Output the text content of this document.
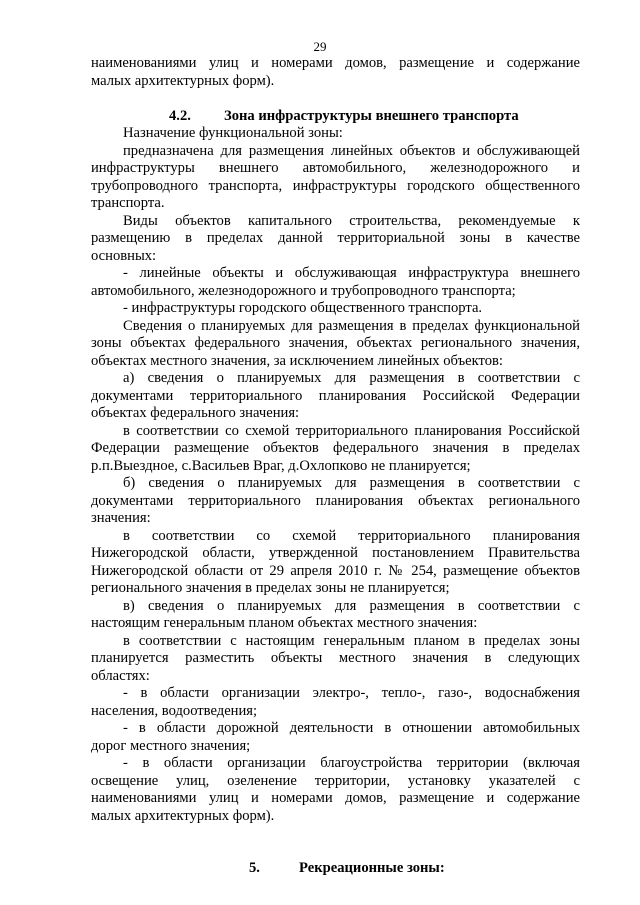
29
наименованиями улиц и номерами домов, размещение и содержание
малых архитектурных форм).
4.2. Зона инфраструктуры внешнего транспорта
Назначение функциональной зоны:
предназначена для размещения линейных объектов и обслуживающей
инфраструктуры внешнего автомобильного, железнодорожного и
трубопроводного транспорта, инфраструктуры городского общественного
транспорта.
Виды объектов капитального строительства, рекомендуемые к
размещению в пределах данной территориальной зоны в качестве
основных:
- линейные объекты и обслуживающая инфраструктура внешнего
автомобильного, железнодорожного и трубопроводного транспорта;
- инфраструктуры городского общественного транспорта.
Сведения о планируемых для размещения в пределах функциональной
зоны объектах федерального значения, объектах регионального значения,
объектах местного значения, за исключением линейных объектов:
а) сведения о планируемых для размещения в соответствии с
документами территориального планирования Российской Федерации
объектах федерального значения:
в соответствии со схемой территориального планирования Российской
Федерации размещение объектов федерального значения в пределах
р.п.Выездное, с.Васильев Враг, д.Охлопково не планируется;
б) сведения о планируемых для размещения в соответствии с
документами территориального планирования объектах регионального
значения:
в соответствии со схемой территориального планирования
Нижегородской области, утвержденной постановлением Правительства
Нижегородской области от 29 апреля 2010 г. № 254, размещение объектов
регионального значения в пределах зоны не планируется;
в) сведения о планируемых для размещения в соответствии с
настоящим генеральным планом объектах местного значения:
в соответствии с настоящим генеральным планом в пределах зоны
планируется разместить объекты местного значения в следующих
областях:
- в области организации электро-, тепло-, газо-, водоснабжения
населения, водоотведения;
- в области дорожной деятельности в отношении автомобильных
дорог местного значения;
- в области организации благоустройства территории (включая
освещение улиц, озеленение территории, установку указателей с
наименованиями улиц и номерами домов, размещение и содержание
малых архитектурных форм).
5.	Рекреационные зоны:
